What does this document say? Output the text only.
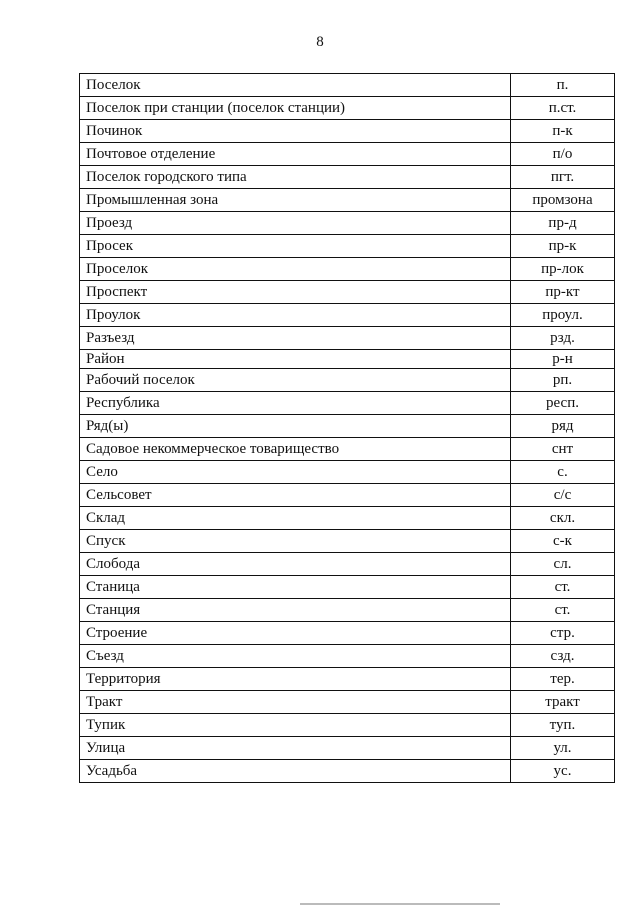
8
Поселок	п.
Поселок при станции (поселок станции)	п.ст.
Починок	п-к
Почтовое отделение	п/о
Поселок городского типа	пгт.
Промышленная зона	промзона
Проезд	пр-д
Просек	пр-к
Проселок	пр-лок
Проспект	пр-кт
Проулок	проул.
Разъезд	рзд.
Район	р-н
Рабочий поселок	рп.
Республика	респ.
Ряд(ы)	ряд
Садовое некоммерческое товарищество	снт
Село	с.
Сельсовет	с/с
Склад	скл.
Спуск	с-к
Слобода	сл.
Станица	ст.
Станция	ст.
Строение	стр.
Съезд	сзд.
Территория	тер.
Тракт	тракт
Тупик	туп.
Улица	ул.
Усадьба	ус.
